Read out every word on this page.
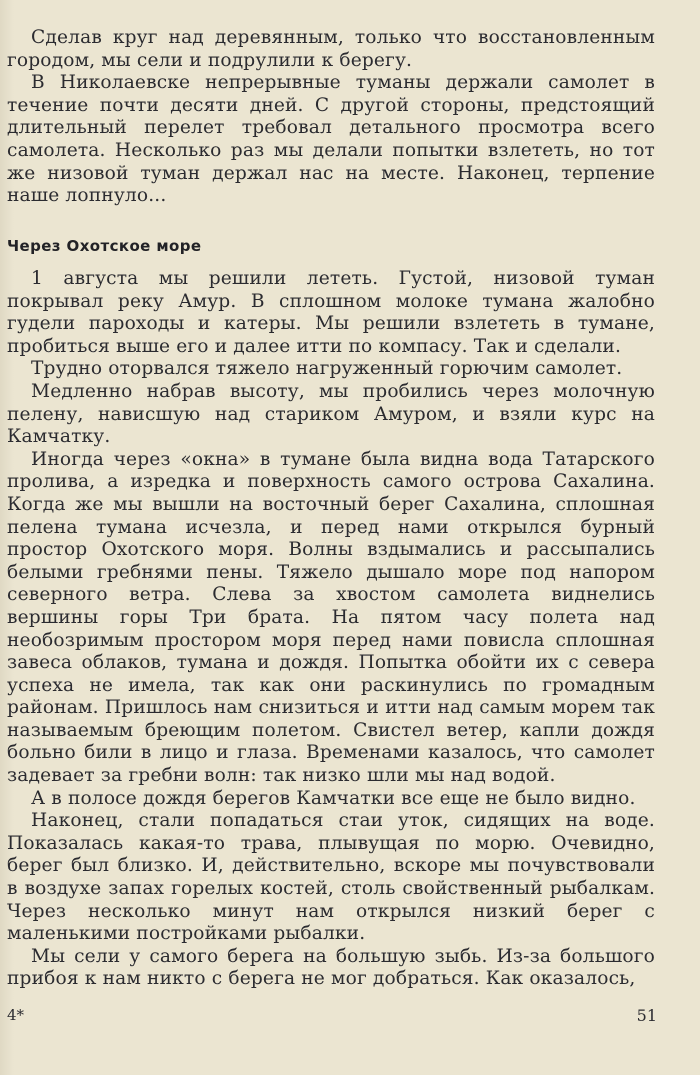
Сделав круг над деревянным, только что восстановленным городом, мы сели и подрулили к берегу.

В Николаевске непрерывные туманы держали самолет в течение почти десяти дней. С другой стороны, предстоящий длительный перелет требовал детального просмотра всего самолета. Несколько раз мы делали попытки взлететь, но тот же низовой туман держал нас на месте. Наконец, терпение наше лопнуло...

Через Охотское море

1 августа мы решили лететь. Густой, низовой туман покрывал реку Амур. В сплошном молоке тумана жалобно гудели пароходы и катеры. Мы решили взлететь в тумане, пробиться выше его и далее итти по компасу. Так и сделали.

Трудно оторвался тяжело нагруженный горючим самолет.

Медленно набрав высоту, мы пробились через молочную пелену, нависшую над стариком Амуром, и взяли курс на Камчатку.

Иногда через «окна» в тумане была видна вода Татарского пролива, а изредка и поверхность самого острова Сахалина. Когда же мы вышли на восточный берег Сахалина, сплошная пелена тумана исчезла, и перед нами открылся бурный простор Охотского моря. Волны вздымались и рассыпались белыми гребнями пены. Тяжело дышало море под напором северного ветра. Слева за хвостом самолета виднелись вершины горы Три брата. На пятом часу полета над необозримым простором моря перед нами повисла сплошная завеса облаков, тумана и дождя. Попытка обойти их с севера успеха не имела, так как они раскинулись по громадным районам. Пришлось нам снизиться и итти над самым морем так называемым бреющим полетом. Свистел ветер, капли дождя больно били в лицо и глаза. Временами казалось, что самолет задевает за гребни волн: так низко шли мы над водой.

А в полосе дождя берегов Камчатки все еще не было видно.

Наконец, стали попадаться стаи уток, сидящих на воде. Показалась какая-то трава, плывущая по морю. Очевидно, берег был близко. И, действительно, вскоре мы почувствовали в воздухе запах горелых костей, столь свойственный рыбалкам. Через несколько минут нам открылся низкий берег с маленькими постройками рыбалки.

Мы сели у самого берега на большую зыбь. Из-за большого прибоя к нам никто с берега не мог добраться. Как оказалось,

4*	51
